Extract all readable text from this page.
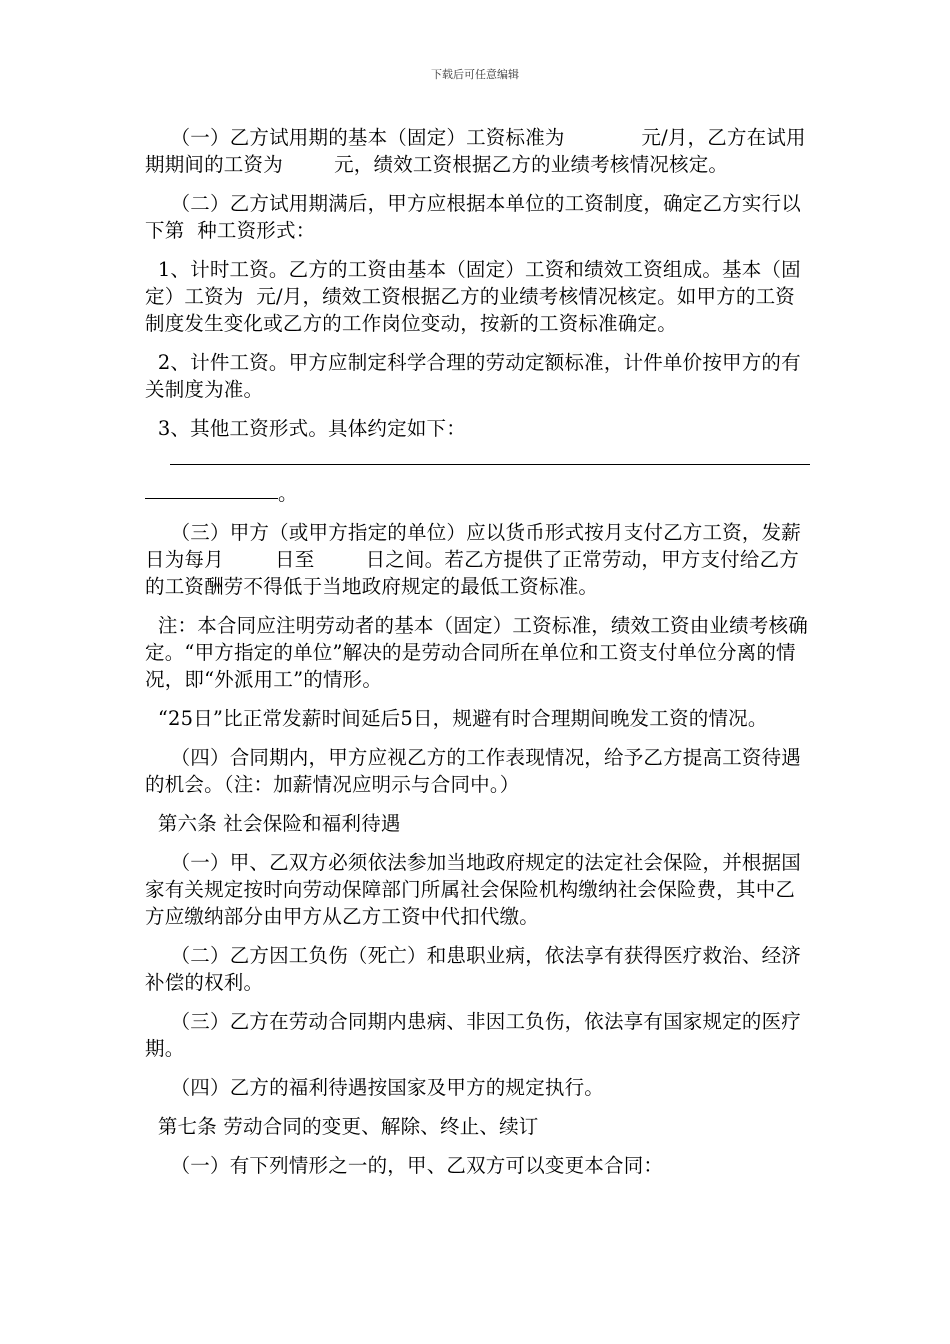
下载后可任意编辑

（一）乙方试用期的基本（固定）工资标准为            元/月，乙方在试用期期间的工资为        元，绩效工资根据乙方的业绩考核情况核定。

（二）乙方试用期满后，甲方应根据本单位的工资制度，确定乙方实行以下第  种工资形式：

1、计时工资。乙方的工资由基本（固定）工资和绩效工资组成。基本（固定）工资为  元/月，绩效工资根据乙方的业绩考核情况核定。如甲方的工资制度发生变化或乙方的工作岗位变动，按新的工资标准确定。

2、计件工资。甲方应制定科学合理的劳动定额标准，计件单价按甲方的有关制度为准。

3、其他工资形式。具体约定如下：

。

（三）甲方（或甲方指定的单位）应以货币形式按月支付乙方工资，发薪日为每月        日至        日之间。若乙方提供了正常劳动，甲方支付给乙方的工资酬劳不得低于当地政府规定的最低工资标准。

注：本合同应注明劳动者的基本（固定）工资标准，绩效工资由业绩考核确定。“甲方指定的单位”解决的是劳动合同所在单位和工资支付单位分离的情况，即“外派用工”的情形。

“25日”比正常发薪时间延后5日，规避有时合理期间晚发工资的情况。

（四）合同期内，甲方应视乙方的工作表现情况，给予乙方提高工资待遇的机会。（注：加薪情况应明示与合同中。）

第六条 社会保险和福利待遇

（一）甲、乙双方必须依法参加当地政府规定的法定社会保险，并根据国家有关规定按时向劳动保障部门所属社会保险机构缴纳社会保险费，其中乙方应缴纳部分由甲方从乙方工资中代扣代缴。

（二）乙方因工负伤（死亡）和患职业病，依法享有获得医疗救治、经济补偿的权利。

（三）乙方在劳动合同期内患病、非因工负伤，依法享有国家规定的医疗期。

（四）乙方的福利待遇按国家及甲方的规定执行。

第七条 劳动合同的变更、解除、终止、续订

（一）有下列情形之一的，甲、乙双方可以变更本合同：
